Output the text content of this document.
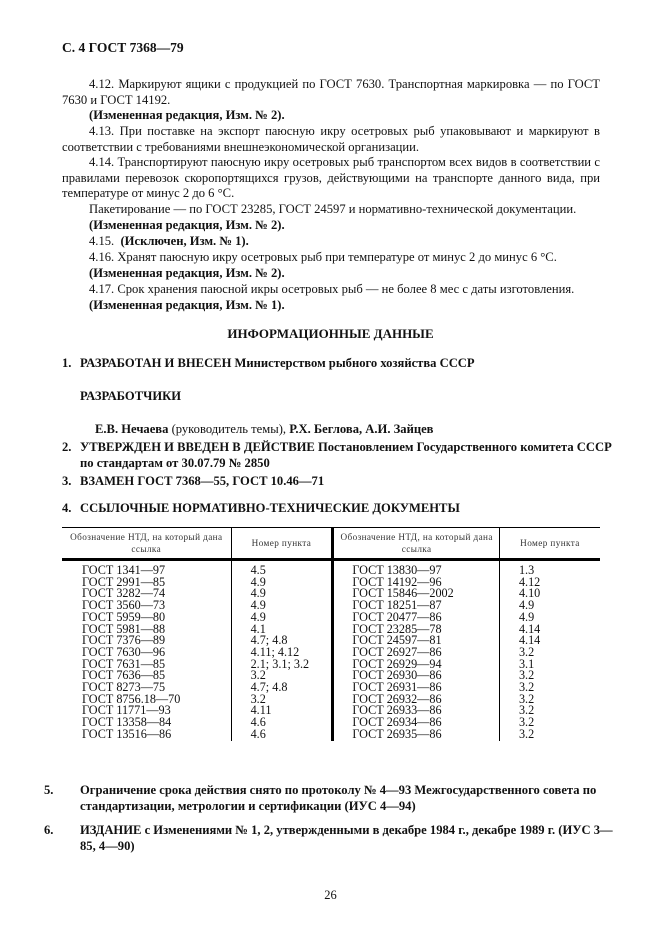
С. 4 ГОСТ 7368—79
4.12. Маркируют ящики с продукцией по ГОСТ 7630. Транспортная маркировка — по ГОСТ 7630 и ГОСТ 14192.
(Измененная редакция, Изм. № 2).
4.13. При поставке на экспорт паюсную икру осетровых рыб упаковывают и маркируют в соответствии с требованиями внешнеэкономической организации.
4.14. Транспортируют паюсную икру осетровых рыб транспортом всех видов в соответствии с правилами перевозок скоропортящихся грузов, действующими на транспорте данного вида, при температуре от минус 2 до 6 °С.
Пакетирование — по ГОСТ 23285, ГОСТ 24597 и нормативно-технической документации.
(Измененная редакция, Изм. № 2).
4.15. (Исключен, Изм. № 1).
4.16. Хранят паюсную икру осетровых рыб при температуре от минус 2 до минус 6 °С.
(Измененная редакция, Изм. № 2).
4.17. Срок хранения паюсной икры осетровых рыб — не более 8 мес с даты изготовления.
(Измененная редакция, Изм. № 1).
ИНФОРМАЦИОННЫЕ ДАННЫЕ
1. РАЗРАБОТАН И ВНЕСЕН Министерством рыбного хозяйства СССР
РАЗРАБОТЧИКИ
Е.В. Нечаева (руководитель темы), Р.Х. Беглова, А.И. Зайцев
2. УТВЕРЖДЕН И ВВЕДЕН В ДЕЙСТВИЕ Постановлением Государственного комитета СССР по стандартам от 30.07.79 № 2850
3. ВЗАМЕН ГОСТ 7368—55, ГОСТ 10.46—71
4. ССЫЛОЧНЫЕ НОРМАТИВНО-ТЕХНИЧЕСКИЕ ДОКУМЕНТЫ
Обозначение НТД, на который дана ссылка	Номер пункта	Обозначение НТД, на который дана ссылка	Номер пункта
ГОСТ 1341—97	4.5	ГОСТ 13830—97	1.3
ГОСТ 2991—85	4.9	ГОСТ 14192—96	4.12
ГОСТ 3282—74	4.9	ГОСТ 15846—2002	4.10
ГОСТ 3560—73	4.9	ГОСТ 18251—87	4.9
ГОСТ 5959—80	4.9	ГОСТ 20477—86	4.9
ГОСТ 5981—88	4.1	ГОСТ 23285—78	4.14
ГОСТ 7376—89	4.7; 4.8	ГОСТ 24597—81	4.14
ГОСТ 7630—96	4.11; 4.12	ГОСТ 26927—86	3.2
ГОСТ 7631—85	2.1; 3.1; 3.2	ГОСТ 26929—94	3.1
ГОСТ 7636—85	3.2	ГОСТ 26930—86	3.2
ГОСТ 8273—75	4.7; 4.8	ГОСТ 26931—86	3.2
ГОСТ 8756.18—70	3.2	ГОСТ 26932—86	3.2
ГОСТ 11771—93	4.11	ГОСТ 26933—86	3.2
ГОСТ 13358—84	4.6	ГОСТ 26934—86	3.2
ГОСТ 13516—86	4.6	ГОСТ 26935—86	3.2
5. Ограничение срока действия снято по протоколу № 4—93 Межгосударственного совета по стандартизации, метрологии и сертификации (ИУС 4—94)
6. ИЗДАНИЕ с Изменениями № 1, 2, утвержденными в декабре 1984 г., декабре 1989 г. (ИУС 3—85, 4—90)
26
